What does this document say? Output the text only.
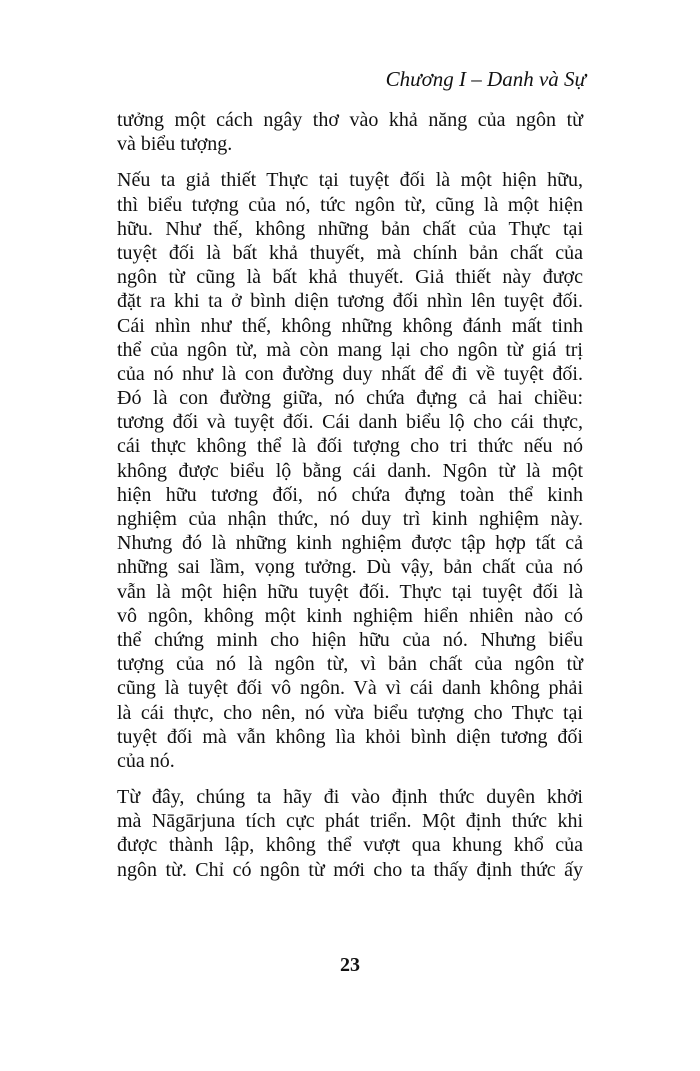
Chương I – Danh và Sự
tưởng một cách ngây thơ vào khả năng của ngôn từ
và biểu tượng.
Nếu ta giả thiết Thực tại tuyệt đối là một hiện hữu,
thì biểu tượng của nó, tức ngôn từ, cũng là một hiện
hữu. Như thế, không những bản chất của Thực tại
tuyệt đối là bất khả thuyết, mà chính bản chất của
ngôn từ cũng là bất khả thuyết. Giả thiết này được
đặt ra khi ta ở bình diện tương đối nhìn lên tuyệt đối.
Cái nhìn như thế, không những không đánh mất tinh
thể của ngôn từ, mà còn mang lại cho ngôn từ giá trị
của nó như là con đường duy nhất để đi về tuyệt đối.
Đó là con đường giữa, nó chứa đựng cả hai chiều:
tương đối và tuyệt đối. Cái danh biểu lộ cho cái thực,
cái thực không thể là đối tượng cho tri thức nếu nó
không được biểu lộ bằng cái danh. Ngôn từ là một
hiện hữu tương đối, nó chứa đựng toàn thể kinh
nghiệm của nhận thức, nó duy trì kinh nghiệm này.
Nhưng đó là những kinh nghiệm được tập hợp tất cả
những sai lầm, vọng tưởng. Dù vậy, bản chất của nó
vẫn là một hiện hữu tuyệt đối. Thực tại tuyệt đối là
vô ngôn, không một kinh nghiệm hiển nhiên nào có
thể chứng minh cho hiện hữu của nó. Nhưng biểu
tượng của nó là ngôn từ, vì bản chất của ngôn từ
cũng là tuyệt đối vô ngôn. Và vì cái danh không phải
là cái thực, cho nên, nó vừa biểu tượng cho Thực tại
tuyệt đối mà vẫn không lìa khỏi bình diện tương đối
của nó.
Từ đây, chúng ta hãy đi vào định thức duyên khởi
mà Nāgārjuna tích cực phát triển. Một định thức khi
được thành lập, không thể vượt qua khung khổ của
ngôn từ. Chỉ có ngôn từ mới cho ta thấy định thức ấy
23
